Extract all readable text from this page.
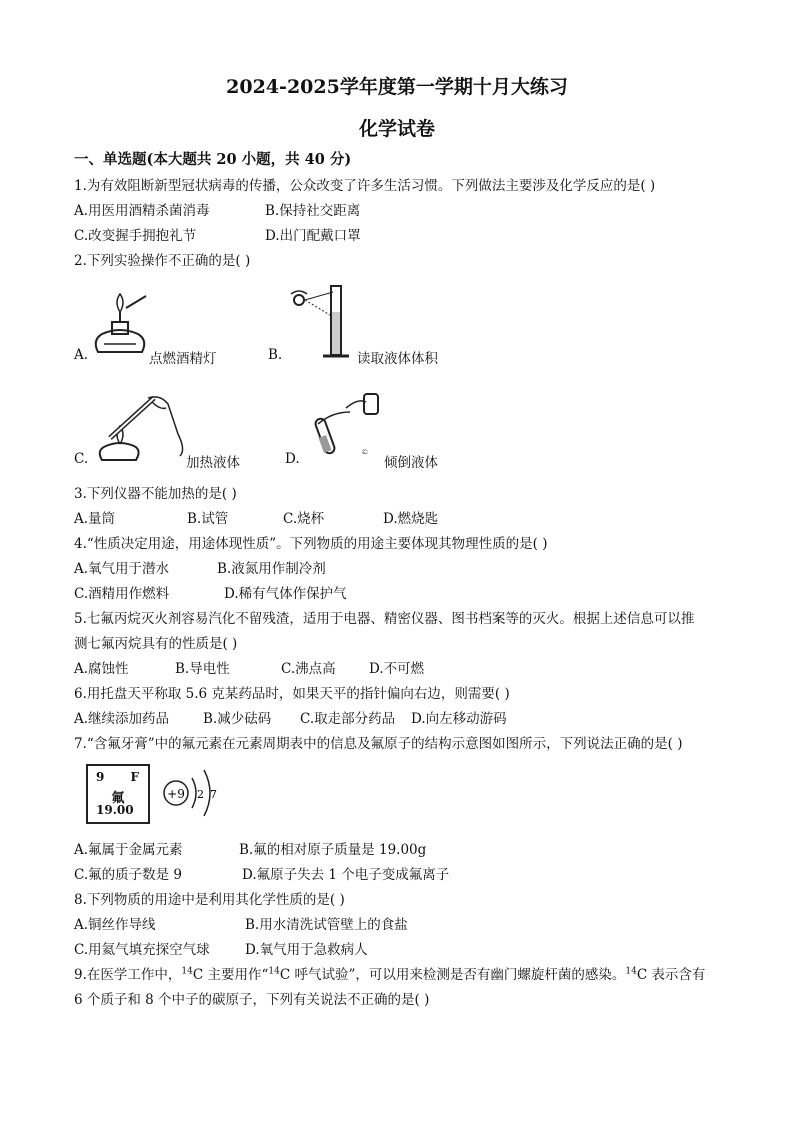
2024-2025学年度第一学期十月大练习
化学试卷
一、单选题(本大题共 20 小题，共 40 分)
1.为有效阻断新型冠状病毒的传播，公众改变了许多生活习惯。下列做法主要涉及化学反应的是( )
A.用医用酒精杀菌消毒	B.保持社交距离
C.改变握手拥抱礼节	D.出门配戴口罩
2.下列实验操作不正确的是( )
A.	点燃酒精灯	B.	读取液体体积
C.	加热液体	D.	ಐ
倾倒液体
3.下列仪器不能加热的是( )
A.量筒	B.试管	C.烧杯	D.燃烧匙
4.“性质决定用途，用途体现性质”。下列物质的用途主要体现其物理性质的是( )
A.氧气用于潜水	B.液氮用作制冷剂
C.酒精用作燃料	D.稀有气体作保护气
5.七氟丙烷灭火剂容易汽化不留残渣，适用于电器、精密仪器、图书档案等的灭火。根据上述信息可以推
测七氟丙烷具有的性质是( )
A.腐蚀性	B.导电性	C.沸点高 D.不可燃
6.用托盘天平称取 5.6 克某药品时，如果天平的指针偏向右边，则需要( )
A.继续添加药品	B.减少砝码 C.取走部分药品 D.向左移动游码
7.“含氟牙膏”中的氟元素在元素周期表中的信息及氟原子的结构示意图如图所示，下列说法正确的是( )
9 F
氟
19.00
+9 2 7
A.氟属于金属元素	B.氟的相对原子质量是 19.00g
C.氟的质子数是 9	D.氟原子失去 1 个电子变成氟离子
8.下列物质的用途中是利用其化学性质的是( )
A.铜丝作导线	B.用水清洗试管壁上的食盐
C.用氦气填充探空气球	D.氧气用于急救病人
9.在医学工作中，$^{14}$C 主要用作“$^{14}$C 呼气试验”，可以用来检测是否有幽门螺旋杆菌的感染。$^{14}$C 表示含有
6 个质子和 8 个中子的碳原子，下列有关说法不正确的是( )
